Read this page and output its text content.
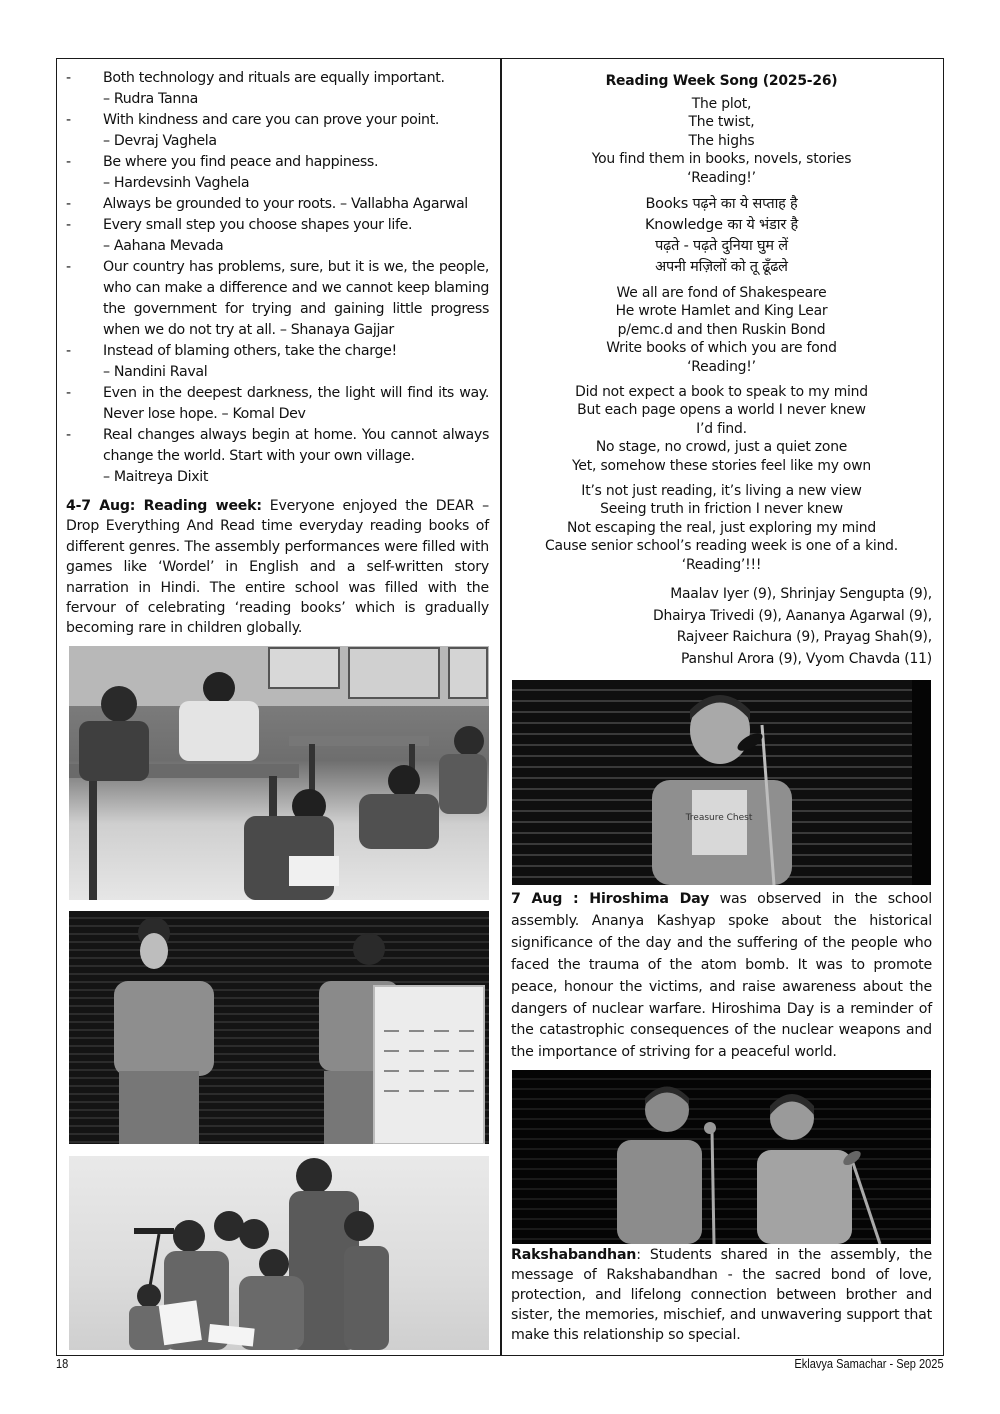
- Both technology and rituals are equally important.
– Rudra Tanna
- With kindness and care you can prove your point.
– Devraj Vaghela
- Be where you find peace and happiness.
– Hardevsinh Vaghela
- Always be grounded to your roots. – Vallabha Agarwal
- Every small step you choose shapes your life.
– Aahana Mevada
- Our country has problems, sure, but it is we, the people, who can make a difference and we cannot keep blaming the government for trying and gaining little progress when we do not try at all. – Shanaya Gajjar
- Instead of blaming others, take the charge!
– Nandini Raval
- Even in the deepest darkness, the light will find its way. Never lose hope. – Komal Dev
- Real changes always begin at home. You cannot always change the world. Start with your own village.
– Maitreya Dixit

4-7 Aug: Reading week: Everyone enjoyed the DEAR – Drop Everything And Read time everyday reading books of different genres. The assembly performances were filled with games like ‘Wordel’ in English and a self-written story narration in Hindi. The entire school was filled with the fervour of celebrating ‘reading books’ which is gradually becoming rare in children globally.

Reading Week Song (2025-26)
The plot,
The twist,
The highs
You find them in books, novels, stories
‘Reading!’
Books पढ़ने का ये सप्ताह है
Knowledge का ये भंडार है
पढ़ते - पढ़ते दुनिया घुम लें
अपनी मज़िलों को तू ढूँढले
We all are fond of Shakespeare
He wrote Hamlet and King Lear
p/emc.d and then Ruskin Bond
Write books of which you are fond
‘Reading!’
Did not expect a book to speak to my mind
But each page opens a world I never knew
I’d find.
No stage, no crowd, just a quiet zone
Yet, somehow these stories feel like my own
It’s not just reading, it’s living a new view
Seeing truth in friction I never knew
Not escaping the real, just exploring my mind
Cause senior school’s reading week is one of a kind.
‘Reading’!!!
Maalav Iyer (9), Shrinjay Sengupta (9),
Dhairya Trivedi (9), Aananya Agarwal (9),
Rajveer Raichura (9), Prayag Shah(9),
Panshul Arora (9), Vyom Chavda (11)
Treasure Chest

7 Aug : Hiroshima Day was observed in the school assembly. Ananya Kashyap spoke about the historical significance of the day and the suffering of the people who faced the trauma of the atom bomb. It was to promote peace, honour the victims, and raise awareness about the dangers of nuclear warfare. Hiroshima Day is a reminder of the catastrophic consequences of the nuclear weapons and the importance of striving for a peaceful world.

Rakshabandhan: Students shared in the assembly, the message of Rakshabandhan - the sacred bond of love, protection, and lifelong connection between brother and sister, the memories, mischief, and unwavering support that make this relationship so special.

18	Eklavya Samachar - Sep 2025
